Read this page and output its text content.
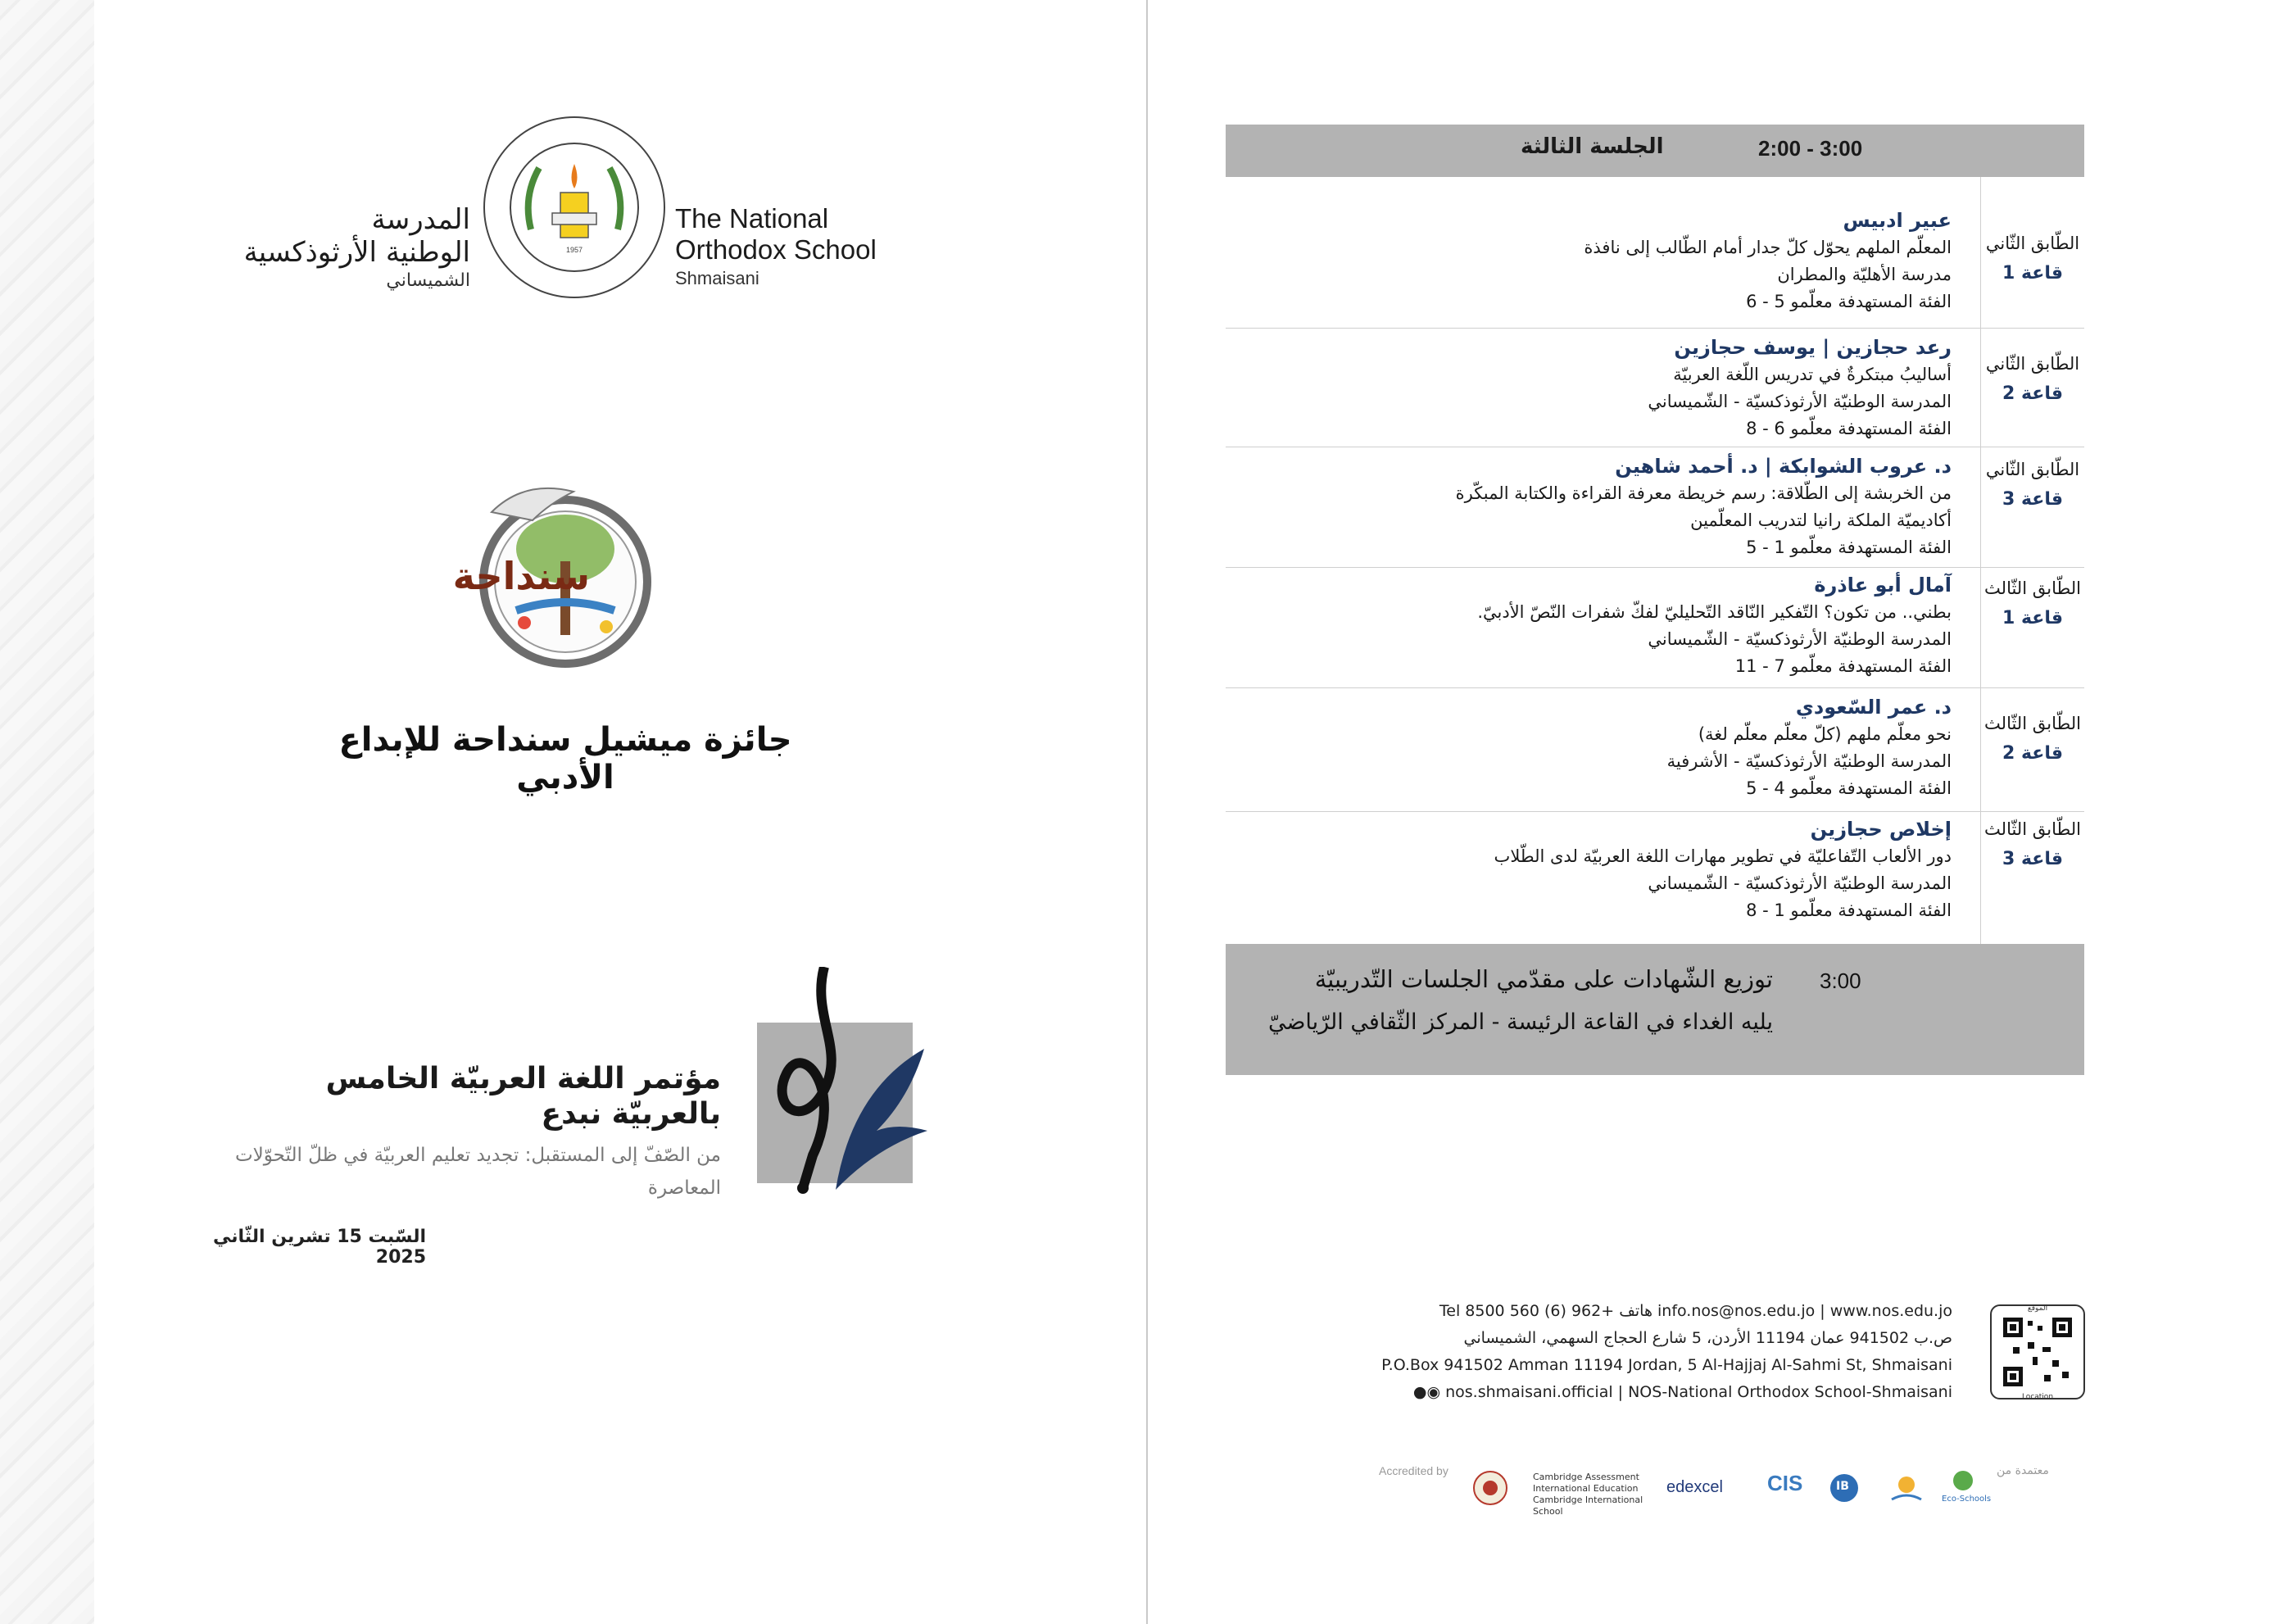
المدرسة
الوطنية الأرثوذكسية
الشميساني
1957
The National
Orthodox School
Shmaisani
سنداحة
جائزة ميشيل سنداحة للإبداع الأدبي
مؤتمر اللغة العربيّة الخامس
بالعربيّة نبدع
من الصّفّ إلى المستقبل: تجديد تعليم العربيّة في ظلّ التّحوّلات المعاصرة
السّبت 15 تشرين الثّاني 2025
الجلسة الثالثة	2:00 - 3:00
عبير ادبيس
المعلّم الملهم يحوّل كلّ جدار أمام الطّالب إلى نافذة
مدرسة الأهليّة والمطران
الفئة المستهدفة معلّمو 5 - 6
الطّابق الثّاني
قاعة 1
رعد حجازين | يوسف حجازين
أساليبُ مبتكرةٌ في تدريس اللّغة العربيّة
المدرسة الوطنيّة الأرثوذكسيّة - الشّميساني
الفئة المستهدفة معلّمو 6 - 8
الطّابق الثّاني
قاعة 2
د. عروب الشوابكة | د. أحمد شاهين
من الخربشة إلى الطّلاقة: رسم خريطة معرفة القراءة والكتابة المبكّرة
أكاديميّة الملكة رانيا لتدريب المعلّمين
الفئة المستهدفة معلّمو 1 - 5
الطّابق الثّاني
قاعة 3
آمال أبو عاذرة
بطني.. من تكون؟ التّفكير النّاقد التّحليليّ لفكّ شفرات النّصّ الأدبيّ.
المدرسة الوطنيّة الأرثوذكسيّة - الشّميساني
الفئة المستهدفة معلّمو 7 - 11
الطّابق الثّالث
قاعة 1
د. عمر السّعودي
نحو معلّم ملهم (كلّ معلّم معلّم لغة)
المدرسة الوطنيّة الأرثوذكسيّة - الأشرفية
الفئة المستهدفة معلّمو 4 - 5
الطّابق الثّالث
قاعة 2
إخلاص حجازين
دور الألعاب التّفاعليّة في تطوير مهارات اللغة العربيّة لدى الطّلاب
المدرسة الوطنيّة الأرثوذكسيّة - الشّميساني
الفئة المستهدفة معلّمو 1 - 8
الطّابق الثّالث
قاعة 3
توزيع الشّهادات على مقدّمي الجلسات التّدريبيّة 3:00
يليه الغداء في القاعة الرئيسة - المركز الثّقافي الرّياضيّ
Tel هاتف +962 (6) 560 8500 info.nos@nos.edu.jo | www.nos.edu.jo
ص.ب 941502 عمان 11194 الأردن، 5 شارع الحجاج السهمي، الشميساني
P.O.Box 941502 Amman 11194 Jordan, 5 Al-Hajjaj Al-Sahmi St, Shmaisani
●◉ nos.shmaisani.official | NOS-National Orthodox School-Shmaisani
الموقع
Location
Accredited by	معتمدة من
Cambridge Assessment International Education
Cambridge International School
edexcel CIS	IB
Eco-Schools
